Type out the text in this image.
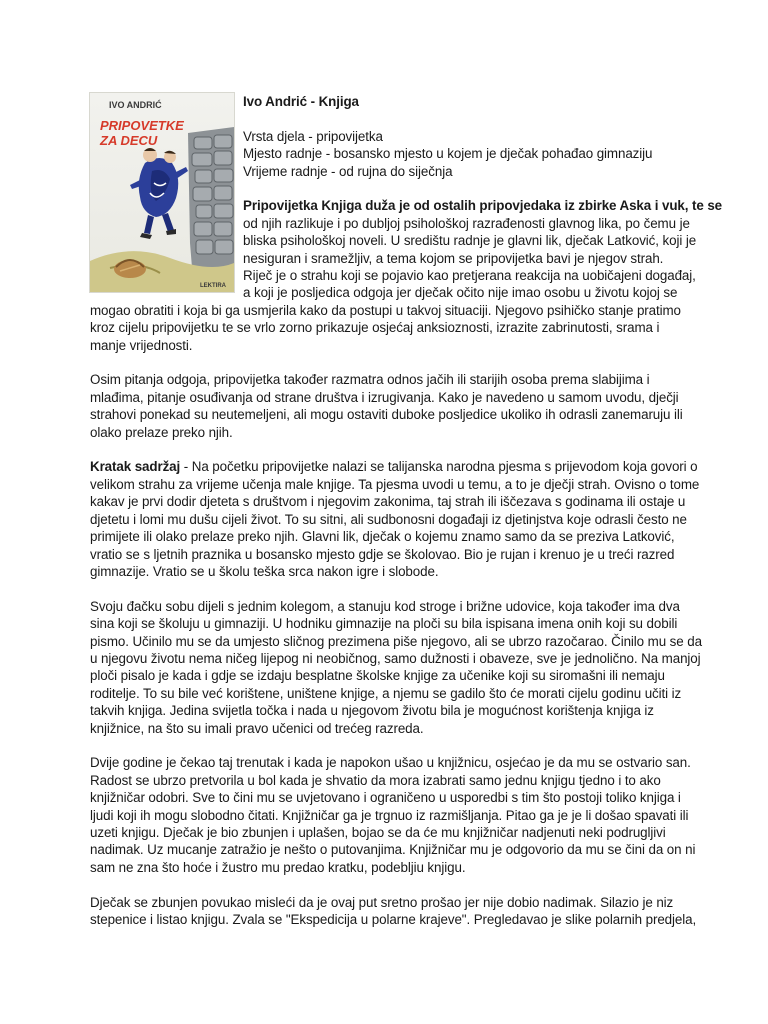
IVO ANDRIĆ
PRIPOVETKE
ZA DECU
LEKTIRA
Ivo Andrić - Knjiga
Vrsta djela - pripovijetka
Mjesto radnje - bosansko mjesto u kojem je dječak pohađao gimnaziju
Vrijeme radnje - od rujna do siječnja
Pripovijetka Knjiga duža je od ostalih pripovjedaka iz zbirke Aska i vuk, te se
od njih razlikuje i po dubljoj psihološkoj razrađenosti glavnog lika, po čemu je
bliska psihološkoj noveli. U središtu radnje je glavni lik, dječak Latković, koji je
nesiguran i sramežljiv, a tema kojom se pripovijetka bavi je njegov strah.
Riječ je o strahu koji se pojavio kao pretjerana reakcija na uobičajeni događaj,
a koji je posljedica odgoja jer dječak očito nije imao osobu u životu kojoj se
mogao obratiti i koja bi ga usmjerila kako da postupi u takvoj situaciji. Njegovo psihičko stanje pratimo
kroz cijelu pripovijetku te se vrlo zorno prikazuje osjećaj anksioznosti, izrazite zabrinutosti, srama i
manje vrijednosti.
Osim pitanja odgoja, pripovijetka također razmatra odnos jačih ili starijih osoba prema slabijima i
mlađima, pitanje osuđivanja od strane društva i izrugivanja. Kako je navedeno u samom uvodu, dječji
strahovi ponekad su neutemeljeni, ali mogu ostaviti duboke posljedice ukoliko ih odrasli zanemaruju ili
olako prelaze preko njih.
Kratak sadržaj - Na početku pripovijetke nalazi se talijanska narodna pjesma s prijevodom koja govori o
velikom strahu za vrijeme učenja male knjige. Ta pjesma uvodi u temu, a to je dječji strah. Ovisno o tome
kakav je prvi dodir djeteta s društvom i njegovim zakonima, taj strah ili iščezava s godinama ili ostaje u
djetetu i lomi mu dušu cijeli život. To su sitni, ali sudbonosni događaji iz djetinjstva koje odrasli često ne
primijete ili olako prelaze preko njih. Glavni lik, dječak o kojemu znamo samo da se preziva Latković,
vratio se s ljetnih praznika u bosansko mjesto gdje se školovao. Bio je rujan i krenuo je u treći razred
gimnazije. Vratio se u školu teška srca nakon igre i slobode.
Svoju đačku sobu dijeli s jednim kolegom, a stanuju kod stroge i brižne udovice, koja također ima dva
sina koji se školuju u gimnaziji. U hodniku gimnazije na ploči su bila ispisana imena onih koji su dobili
pismo. Učinilo mu se da umjesto sličnog prezimena piše njegovo, ali se ubrzo razočarao. Činilo mu se da
u njegovu životu nema ničeg lijepog ni neobičnog, samo dužnosti i obaveze, sve je jednolično. Na manjoj
ploči pisalo je kada i gdje se izdaju besplatne školske knjige za učenike koji su siromašni ili nemaju
roditelje. To su bile već korištene, uništene knjige, a njemu se gadilo što će morati cijelu godinu učiti iz
takvih knjiga. Jedina svijetla točka i nada u njegovom životu bila je mogućnost korištenja knjiga iz
knjižnice, na što su imali pravo učenici od trećeg razreda.
Dvije godine je čekao taj trenutak i kada je napokon ušao u knjižnicu, osjećao je da mu se ostvario san.
Radost se ubrzo pretvorila u bol kada je shvatio da mora izabrati samo jednu knjigu tjedno i to ako
knjižničar odobri. Sve to čini mu se uvjetovano i ograničeno u usporedbi s tim što postoji toliko knjiga i
ljudi koji ih mogu slobodno čitati. Knjižničar ga je trgnuo iz razmišljanja. Pitao ga je je li došao spavati ili
uzeti knjigu. Dječak je bio zbunjen i uplašen, bojao se da će mu knjižničar nadjenuti neki podrugljivi
nadimak. Uz mucanje zatražio je nešto o putovanjima. Knjižničar mu je odgovorio da mu se čini da on ni
sam ne zna što hoće i žustro mu predao kratku, podebljiu knjigu.
Dječak se zbunjen povukao misleći da je ovaj put sretno prošao jer nije dobio nadimak. Silazio je niz
stepenice i listao knjigu. Zvala se "Ekspedicija u polarne krajeve". Pregledavao je slike polarnih predjela,
